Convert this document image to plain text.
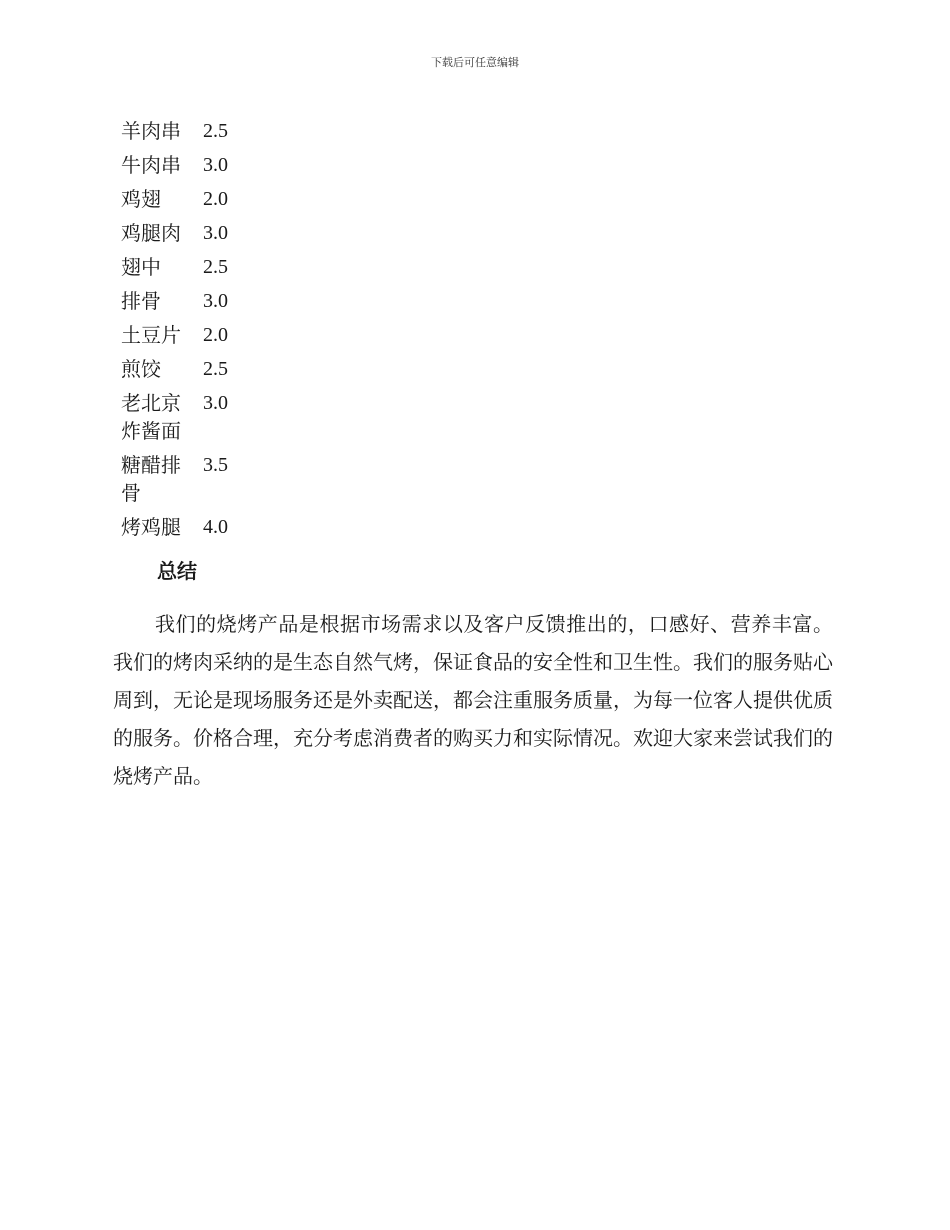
下载后可任意编辑
羊肉串	2.5
牛肉串	3.0
鸡翅	2.0
鸡腿肉	3.0
翅中	2.5
排骨	3.0
土豆片	2.0
煎饺	2.5
老北京炸酱面	3.0
糖醋排骨	3.5
烤鸡腿	4.0
总结

我们的烧烤产品是根据市场需求以及客户反馈推出的，口感好、营养丰富。我们的烤肉采纳的是生态自然气烤，保证食品的安全性和卫生性。我们的服务贴心周到，无论是现场服务还是外卖配送，都会注重服务质量，为每一位客人提供优质的服务。价格合理，充分考虑消费者的购买力和实际情况。欢迎大家来尝试我们的烧烤产品。
